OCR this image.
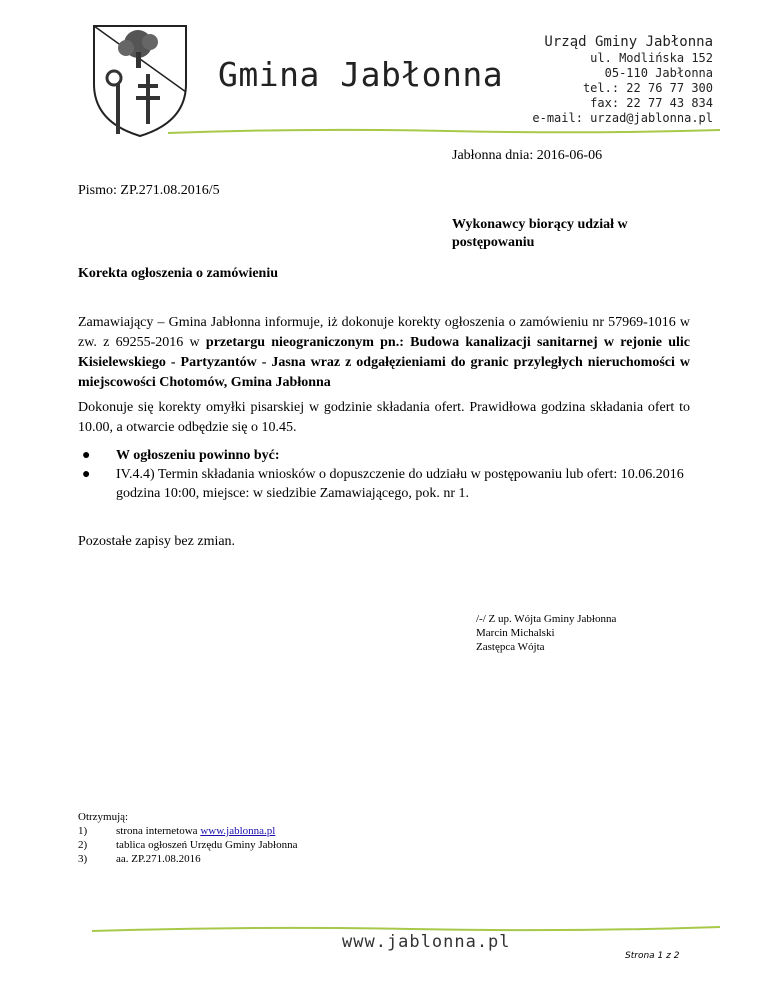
Gmina Jabłonna
Urząd Gminy Jabłonna
ul. Modlińska 152
05-110 Jabłonna
tel.: 22 76 77 300
fax: 22 77 43 834
e-mail: urzad@jablonna.pl
Jabłonna dnia: 2016-06-06
Pismo: ZP.271.08.2016/5
Wykonawcy biorący udział w
postępowaniu
Korekta ogłoszenia o zamówieniu
Zamawiający – Gmina Jabłonna informuje, iż dokonuje korekty ogłoszenia o zamówieniu nr 57969-1016 w zw. z 69255-2016 w przetargu nieograniczonym pn.: Budowa kanalizacji sanitarnej w rejonie ulic Kisielewskiego - Partyzantów - Jasna wraz z odgałęzieniami do granic przyległych nieruchomości w miejscowości Chotomów, Gmina Jabłonna
Dokonuje się korekty omyłki pisarskiej w godzinie składania ofert. Prawidłowa godzina składania ofert to 10.00, a otwarcie odbędzie się o 10.45.
● W ogłoszeniu powinno być:
● IV.4.4) Termin składania wniosków o dopuszczenie do udziału w postępowaniu lub ofert: 10.06.2016 godzina 10:00, miejsce: w siedzibie Zamawiającego, pok. nr 1.
Pozostałe zapisy bez zmian.
/-/ Z up. Wójta Gminy Jabłonna
Marcin Michalski
Zastępca Wójta
Otrzymują:
1)	strona internetowa www.jablonna.pl
2)	tablica ogłoszeń Urzędu Gminy Jabłonna
3)	aa. ZP.271.08.2016
www.jablonna.pl
Strona 1 z 2
